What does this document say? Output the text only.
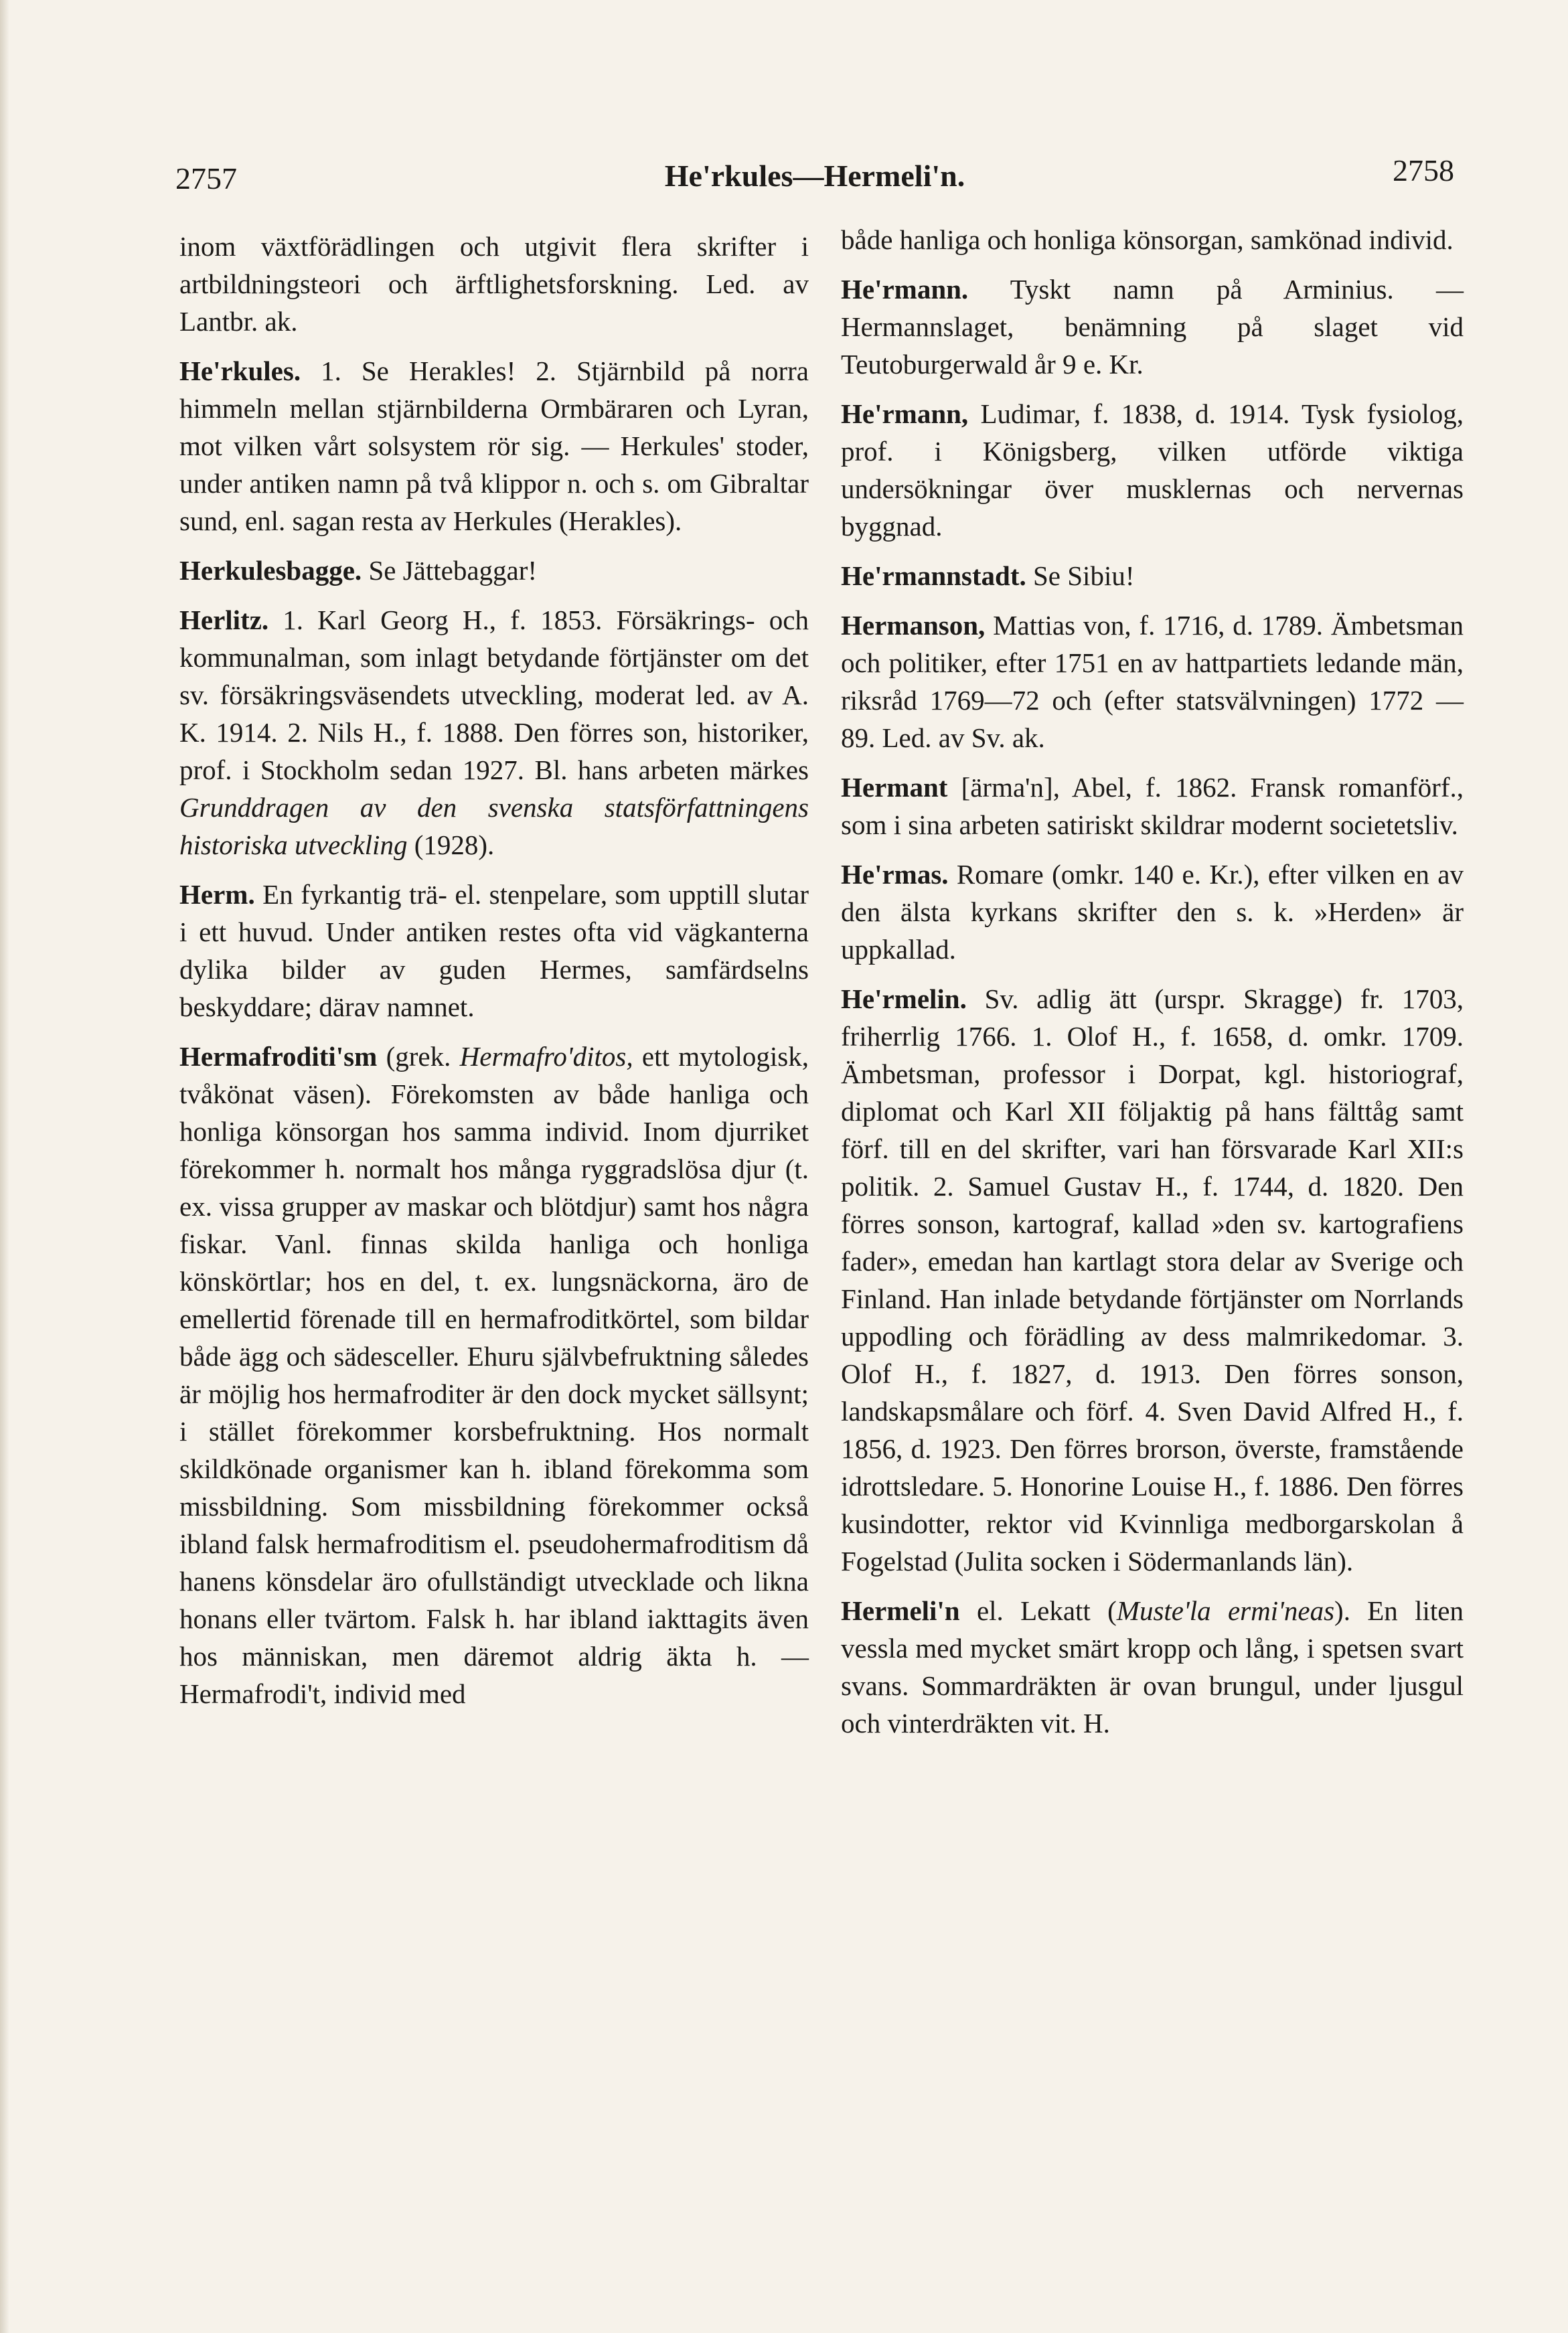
2757	He'rkules—Hermeli'n.	2758

inom växtförädlingen och utgivit flera skrifter i artbildningsteori och ärftlighetsforskning. Led. av Lantbr. ak.

He'rkules. 1. Se Herakles! 2. Stjärnbild på norra himmeln mellan stjärnbilderna Ormbäraren och Lyran, mot vilken vårt solsystem rör sig. — Herkules' stoder, under antiken namn på två klippor n. och s. om Gibraltar sund, enl. sagan resta av Herkules (Herakles).

Herkulesbagge. Se Jättebaggar!

Herlitz. 1. Karl Georg H., f. 1853. Försäkrings- och kommunalman, som inlagt betydande förtjänster om det sv. försäkringsväsendets utveckling, moderat led. av A. K. 1914. 2. Nils H., f. 1888. Den förres son, historiker, prof. i Stockholm sedan 1927. Bl. hans arbeten märkes Grunddragen av den svenska statsförfattningens historiska utveckling (1928).

Herm. En fyrkantig trä- el. stenpelare, som upptill slutar i ett huvud. Under antiken restes ofta vid vägkanterna dylika bilder av guden Hermes, samfärdselns beskyddare; därav namnet.

Hermafroditi'sm (grek. Hermafro'ditos, ett mytologisk, tvåkönat väsen). Förekomsten av både hanliga och honliga könsorgan hos samma individ. Inom djurriket förekommer h. normalt hos många ryggradslösa djur (t. ex. vissa grupper av maskar och blötdjur) samt hos några fiskar. Vanl. finnas skilda hanliga och honliga könskörtlar; hos en del, t. ex. lungsnäckorna, äro de emellertid förenade till en hermafroditkörtel, som bildar både ägg och sädesceller. Ehuru självbefruktning således är möjlig hos hermafroditer är den dock mycket sällsynt; i stället förekommer korsbefruktning. Hos normalt skildkönade organismer kan h. ibland förekomma som missbildning. Som missbildning förekommer också ibland falsk hermafroditism el. pseudohermafroditism då hanens könsdelar äro ofullständigt utvecklade och likna honans eller tvärtom. Falsk h. har ibland iakttagits även hos människan, men däremot aldrig äkta h. — Hermafrodi't, individ med

både hanliga och honliga könsorgan, samkönad individ.

He'rmann. Tyskt namn på Arminius. — Hermannslaget, benämning på slaget vid Teutoburgerwald år 9 e. Kr.

He'rmann, Ludimar, f. 1838, d. 1914. Tysk fysiolog, prof. i Königsberg, vilken utförde viktiga undersökningar över musklernas och nervernas byggnad.

He'rmannstadt. Se Sibiu!

Hermanson, Mattias von, f. 1716, d. 1789. Ämbetsman och politiker, efter 1751 en av hattpartiets ledande män, riksråd 1769—72 och (efter statsvälvningen) 1772 —89. Led. av Sv. ak.

Hermant [ärma'n], Abel, f. 1862. Fransk romanförf., som i sina arbeten satiriskt skildrar modernt societetsliv.

He'rmas. Romare (omkr. 140 e. Kr.), efter vilken en av den älsta kyrkans skrifter den s. k. »Herden» är uppkallad.

He'rmelin. Sv. adlig ätt (urspr. Skragge) fr. 1703, friherrlig 1766. 1. Olof H., f. 1658, d. omkr. 1709. Ämbetsman, professor i Dorpat, kgl. historiograf, diplomat och Karl XII följaktig på hans fälttåg samt förf. till en del skrifter, vari han försvarade Karl XII:s politik. 2. Samuel Gustav H., f. 1744, d. 1820. Den förres sonson, kartograf, kallad »den sv. kartografiens fader», emedan han kartlagt stora delar av Sverige och Finland. Han inlade betydande förtjänster om Norrlands uppodling och förädling av dess malmrikedomar. 3. Olof H., f. 1827, d. 1913. Den förres sonson, landskapsmålare och förf. 4. Sven David Alfred H., f. 1856, d. 1923. Den förres brorson, överste, framstående idrottsledare. 5. Honorine Louise H., f. 1886. Den förres kusindotter, rektor vid Kvinnliga medborgarskolan å Fogelstad (Julita socken i Södermanlands län).

Hermeli'n el. Lekatt (Muste'la ermi'neas). En liten vessla med mycket smärt kropp och lång, i spetsen svart svans. Sommardräkten är ovan brungul, under ljusgul och vinterdräkten vit. H.
